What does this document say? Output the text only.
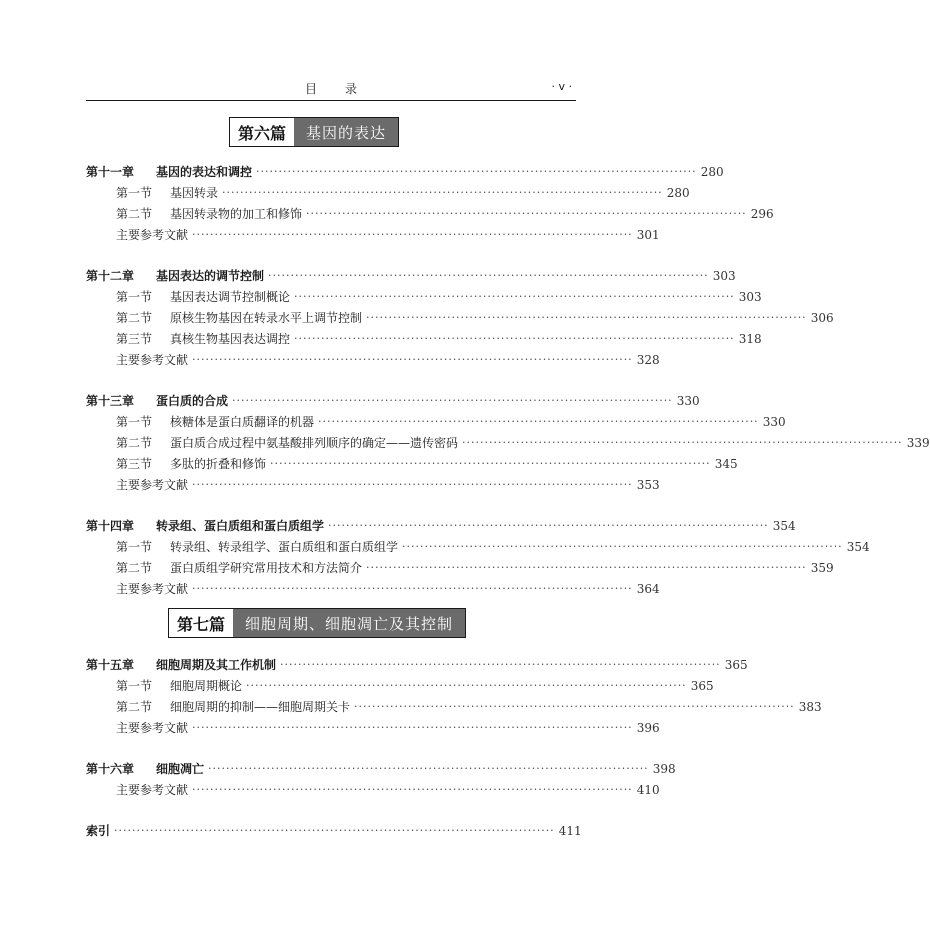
目录	· v ·
第六篇	基因的表达
第七篇	细胞周期、细胞凋亡及其控制
第十一章 基因的表达和调控 ·································································································· 280
第一节 基因转录 ·································································································· 280
第二节 基因转录物的加工和修饰 ·································································································· 296
主要参考文献 ·································································································· 301
第十二章 基因表达的调节控制 ·································································································· 303
第一节 基因表达调节控制概论 ·································································································· 303
第二节 原核生物基因在转录水平上调节控制 ·································································································· 306
第三节 真核生物基因表达调控 ·································································································· 318
主要参考文献 ·································································································· 328
第十三章 蛋白质的合成 ·································································································· 330
第一节 核糖体是蛋白质翻译的机器 ·································································································· 330
第二节 蛋白质合成过程中氨基酸排列顺序的确定——遗传密码 ·································································································· 339
第三节 多肽的折叠和修饰 ·································································································· 345
主要参考文献 ·································································································· 353
第十四章 转录组、蛋白质组和蛋白质组学 ·································································································· 354
第一节 转录组、转录组学、蛋白质组和蛋白质组学 ·································································································· 354
第二节 蛋白质组学研究常用技术和方法简介 ·································································································· 359
主要参考文献 ·································································································· 364
第十五章 细胞周期及其工作机制 ·································································································· 365
第一节 细胞周期概论 ·································································································· 365
第二节 细胞周期的抑制——细胞周期关卡 ·································································································· 383
主要参考文献 ·································································································· 396
第十六章 细胞凋亡 ·································································································· 398
主要参考文献 ·································································································· 410
索引 ·································································································· 411
